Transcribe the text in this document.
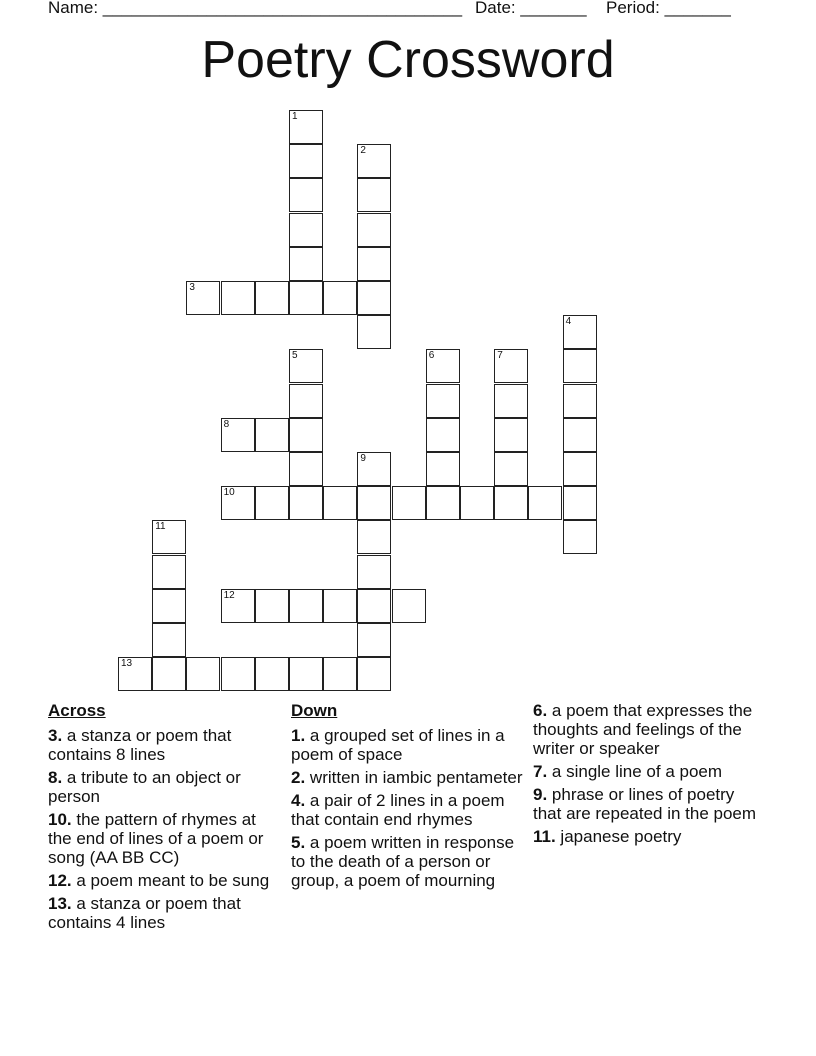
Name: ______________________________________ Date: _______ Period: _______
Poetry Crossword
1
2
3
4
5	6	7
8
9
10
11
12
13
Across
3. a stanza or poem that contains 8 lines
8. a tribute to an object or person
10. the pattern of rhymes at the end of lines of a poem or song (AA BB CC)
12. a poem meant to be sung
13. a stanza or poem that contains 4 lines
Down
1. a grouped set of lines in a poem of space
2. written in iambic pentameter
4. a pair of 2 lines in a poem that contain end rhymes
5. a poem written in response to the death of a person or group, a poem of mourning
6. a poem that expresses the thoughts and feelings of the writer or speaker
7. a single line of a poem
9. phrase or lines of poetry that are repeated in the poem
11. japanese poetry
